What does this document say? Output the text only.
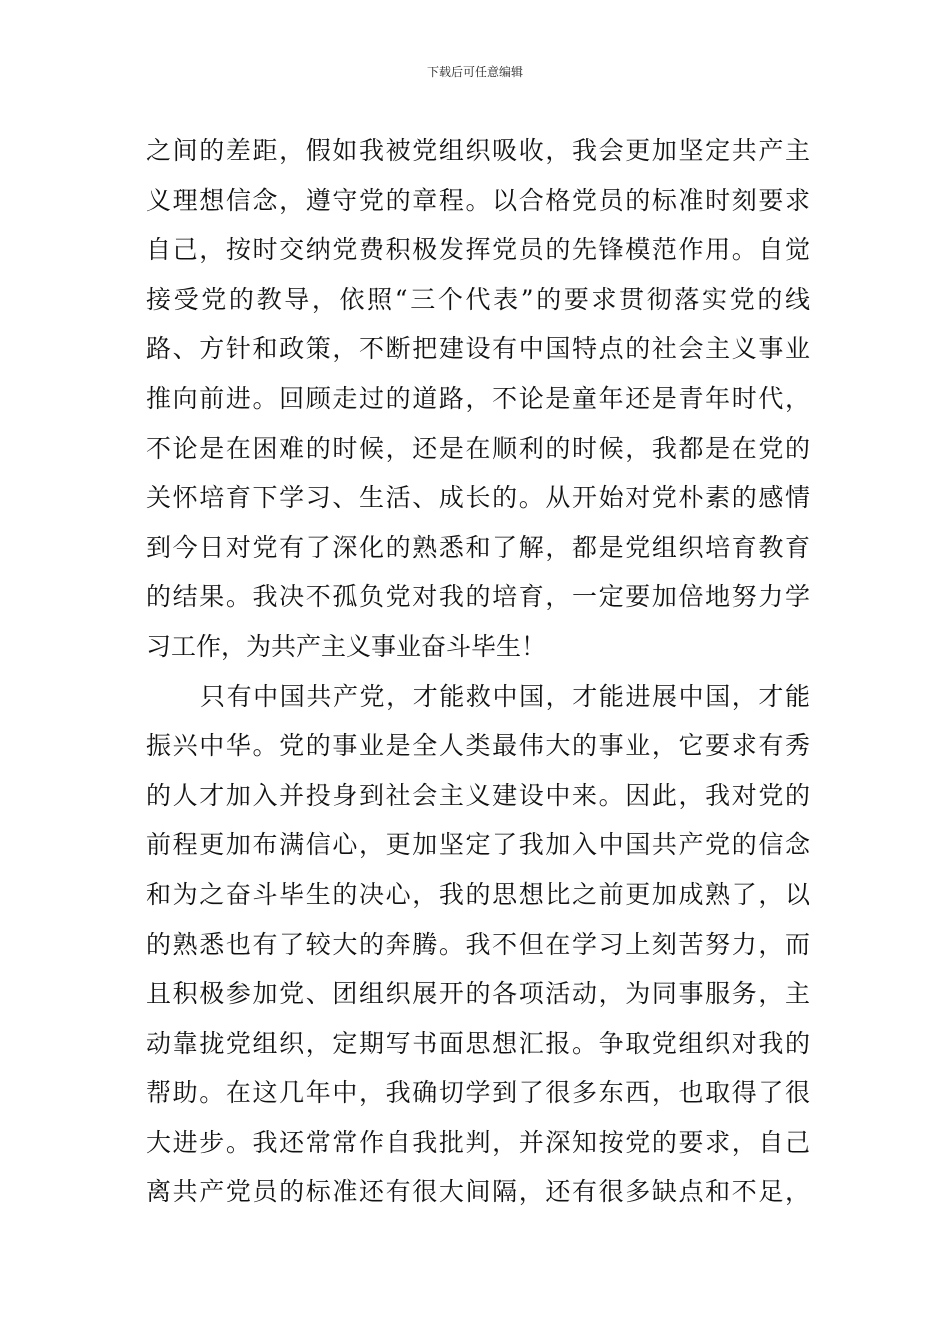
下载后可任意编辑
之间的差距，假如我被党组织吸收，我会更加坚定共产主
义理想信念，遵守党的章程。以合格党员的标准时刻要求
自己，按时交纳党费积极发挥党员的先锋模范作用。自觉
接受党的教导，依照“三个代表”的要求贯彻落实党的线
路、方针和政策，不断把建设有中国特点的社会主义事业
推向前进。回顾走过的道路，不论是童年还是青年时代，
不论是在困难的时候，还是在顺利的时候，我都是在党的
关怀培育下学习、生活、成长的。从开始对党朴素的感情
到今日对党有了深化的熟悉和了解，都是党组织培育教育
的结果。我决不孤负党对我的培育，一定要加倍地努力学
习工作，为共产主义事业奋斗毕生！
只有中国共产党，才能救中国，才能进展中国，才能
振兴中华。党的事业是全人类最伟大的事业，它要求有秀
的人才加入并投身到社会主义建设中来。因此，我对党的
前程更加布满信心，更加坚定了我加入中国共产党的信念
和为之奋斗毕生的决心，我的思想比之前更加成熟了，以
的熟悉也有了较大的奔腾。我不但在学习上刻苦努力，而
且积极参加党、团组织展开的各项活动，为同事服务，主
动靠拢党组织，定期写书面思想汇报。争取党组织对我的
帮助。在这几年中，我确切学到了很多东西，也取得了很
大进步。我还常常作自我批判，并深知按党的要求，自己
离共产党员的标准还有很大间隔，还有很多缺点和不足，
